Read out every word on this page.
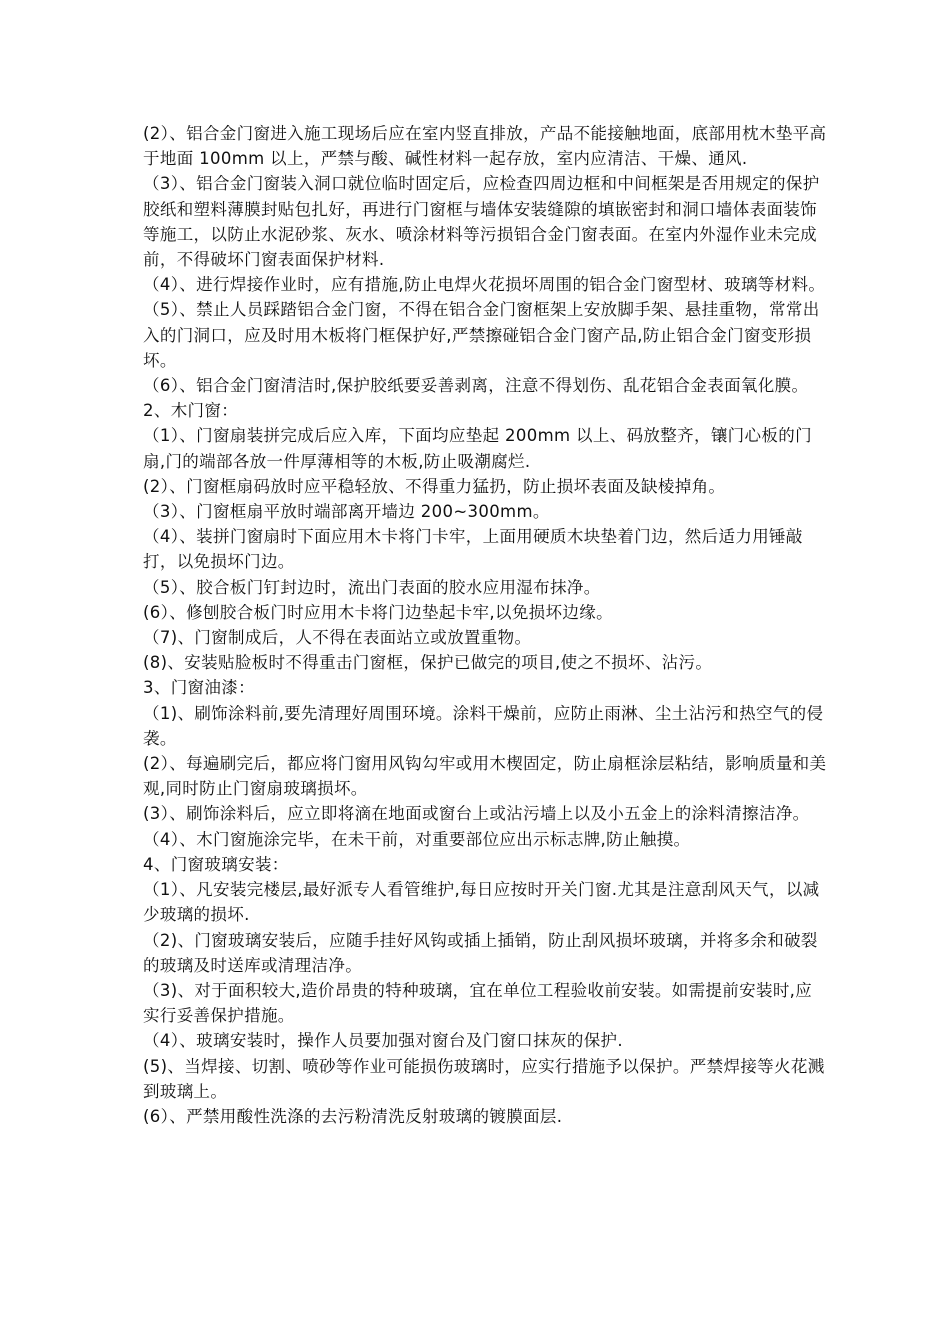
(2）、铝合金门窗进入施工现场后应在室内竖直排放，产品不能接触地面，底部用枕木垫平高于地面 100mm 以上，严禁与酸、碱性材料一起存放，室内应清洁、干燥、通风.

（3）、铝合金门窗装入洞口就位临时固定后，应检查四周边框和中间框架是否用规定的保护胶纸和塑料薄膜封贴包扎好，再进行门窗框与墙体安装缝隙的填嵌密封和洞口墙体表面装饰等施工，以防止水泥砂浆、灰水、喷涂材料等污损铝合金门窗表面。在室内外湿作业未完成前，不得破坏门窗表面保护材料.

（4）、进行焊接作业时，应有措施,防止电焊火花损坏周围的铝合金门窗型材、玻璃等材料。

（5）、禁止人员踩踏铝合金门窗，不得在铝合金门窗框架上安放脚手架、悬挂重物，常常出入的门洞口，应及时用木板将门框保护好,严禁擦碰铝合金门窗产品,防止铝合金门窗变形损坏。

（6）、铝合金门窗清洁时,保护胶纸要妥善剥离，注意不得划伤、乱花铝合金表面氧化膜。

2、木门窗：

（1）、门窗扇装拼完成后应入库，下面均应垫起 200mm 以上、码放整齐，镶门心板的门扇,门的端部各放一件厚薄相等的木板,防止吸潮腐烂.

(2）、门窗框扇码放时应平稳轻放、不得重力猛扔，防止损坏表面及缺棱掉角。

（3）、门窗框扇平放时端部离开墙边 200~300mm。

（4）、装拼门窗扇时下面应用木卡将门卡牢，上面用硬质木块垫着门边，然后适力用锤敲打，以免损坏门边。

（5）、胶合板门钉封边时，流出门表面的胶水应用湿布抹净。

(6）、修刨胶合板门时应用木卡将门边垫起卡牢,以免损坏边缘。

（7)、门窗制成后，人不得在表面站立或放置重物。

(8)、安装贴脸板时不得重击门窗框，保护已做完的项目,使之不损坏、沾污。

3、门窗油漆：

（1)、刷饰涂料前,要先清理好周围环境。涂料干燥前，应防止雨淋、尘土沾污和热空气的侵袭。

(2）、每遍刷完后，都应将门窗用风钩勾牢或用木楔固定，防止扇框涂层粘结，影响质量和美观,同时防止门窗扇玻璃损坏。

(3）、刷饰涂料后，应立即将滴在地面或窗台上或沾污墙上以及小五金上的涂料清擦洁净。

（4）、木门窗施涂完毕，在未干前，对重要部位应出示标志牌,防止触摸。

4、门窗玻璃安装：

（1）、凡安装完楼层,最好派专人看管维护,每日应按时开关门窗.尤其是注意刮风天气，以减少玻璃的损坏.

（2)、门窗玻璃安装后，应随手挂好风钩或插上插销，防止刮风损坏玻璃，并将多余和破裂的玻璃及时送库或清理洁净。

（3)、对于面积较大,造价昂贵的特种玻璃，宜在单位工程验收前安装。如需提前安装时,应实行妥善保护措施。

（4）、玻璃安装时，操作人员要加强对窗台及门窗口抹灰的保护.

(5)、当焊接、切割、喷砂等作业可能损伤玻璃时，应实行措施予以保护。严禁焊接等火花溅到玻璃上。

(6）、严禁用酸性洗涤的去污粉清洗反射玻璃的镀膜面层.
